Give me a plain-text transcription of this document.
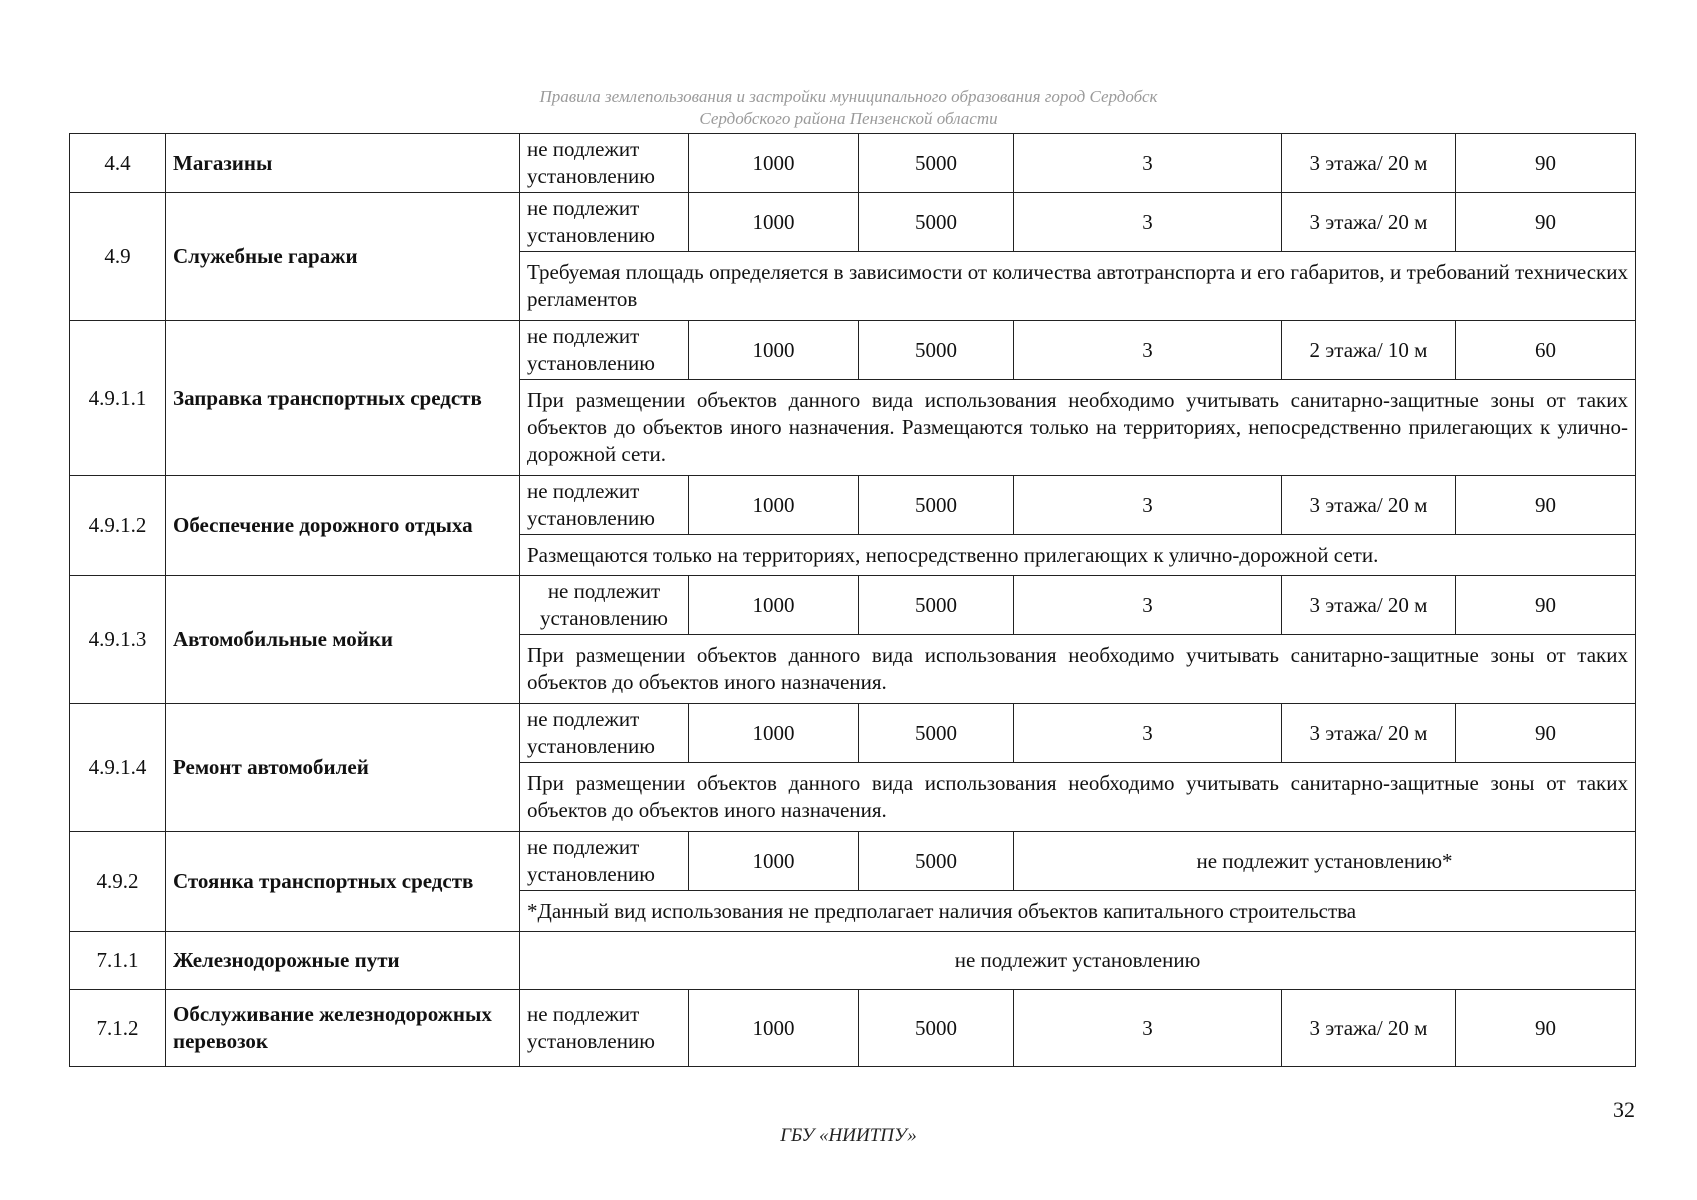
Правила землепользования и застройки муниципального образования город Сердобск
Сердобского района Пензенской области
4.4	Магазины	не подлежит установлению	1000	5000	3	3 этажа/ 20 м	90
4.9	Служебные гаражи	не подлежит установлению	1000	5000	3	3 этажа/ 20 м	90
		Требуемая площадь определяется в зависимости от количества автотранспорта и его габаритов, и требований технических регламентов					
4.9.1.1	Заправка транспортных средств	не подлежит установлению	1000	5000	3	2 этажа/ 10 м	60
		При размещении объектов данного вида использования необходимо учитывать санитарно-защитные зоны от таких объектов до объектов иного назначения. Размещаются только на территориях, непосредственно прилегающих к улично-дорожной сети.					
4.9.1.2	Обеспечение дорожного отдыха	не подлежит установлению	1000	5000	3	3 этажа/ 20 м	90
		Размещаются только на территориях, непосредственно прилегающих к улично-дорожной сети.					
4.9.1.3	Автомобильные мойки	не подлежит установлению	1000	5000	3	3 этажа/ 20 м	90
		При размещении объектов данного вида использования необходимо учитывать санитарно-защитные зоны от таких объектов до объектов иного назначения.					
4.9.1.4	Ремонт автомобилей	не подлежит установлению	1000	5000	3	3 этажа/ 20 м	90
		При размещении объектов данного вида использования необходимо учитывать санитарно-защитные зоны от таких объектов до объектов иного назначения.					
4.9.2	Стоянка транспортных средств	не подлежит установлению	1000	5000	не подлежит установлению*		
		*Данный вид использования не предполагает наличия объектов капитального строительства					
7.1.1	Железнодорожные пути	не подлежит установлению					
7.1.2	Обслуживание железнодорожных перевозок	не подлежит установлению	1000	5000	3	3 этажа/ 20 м	90
32
ГБУ «НИИТПУ»
